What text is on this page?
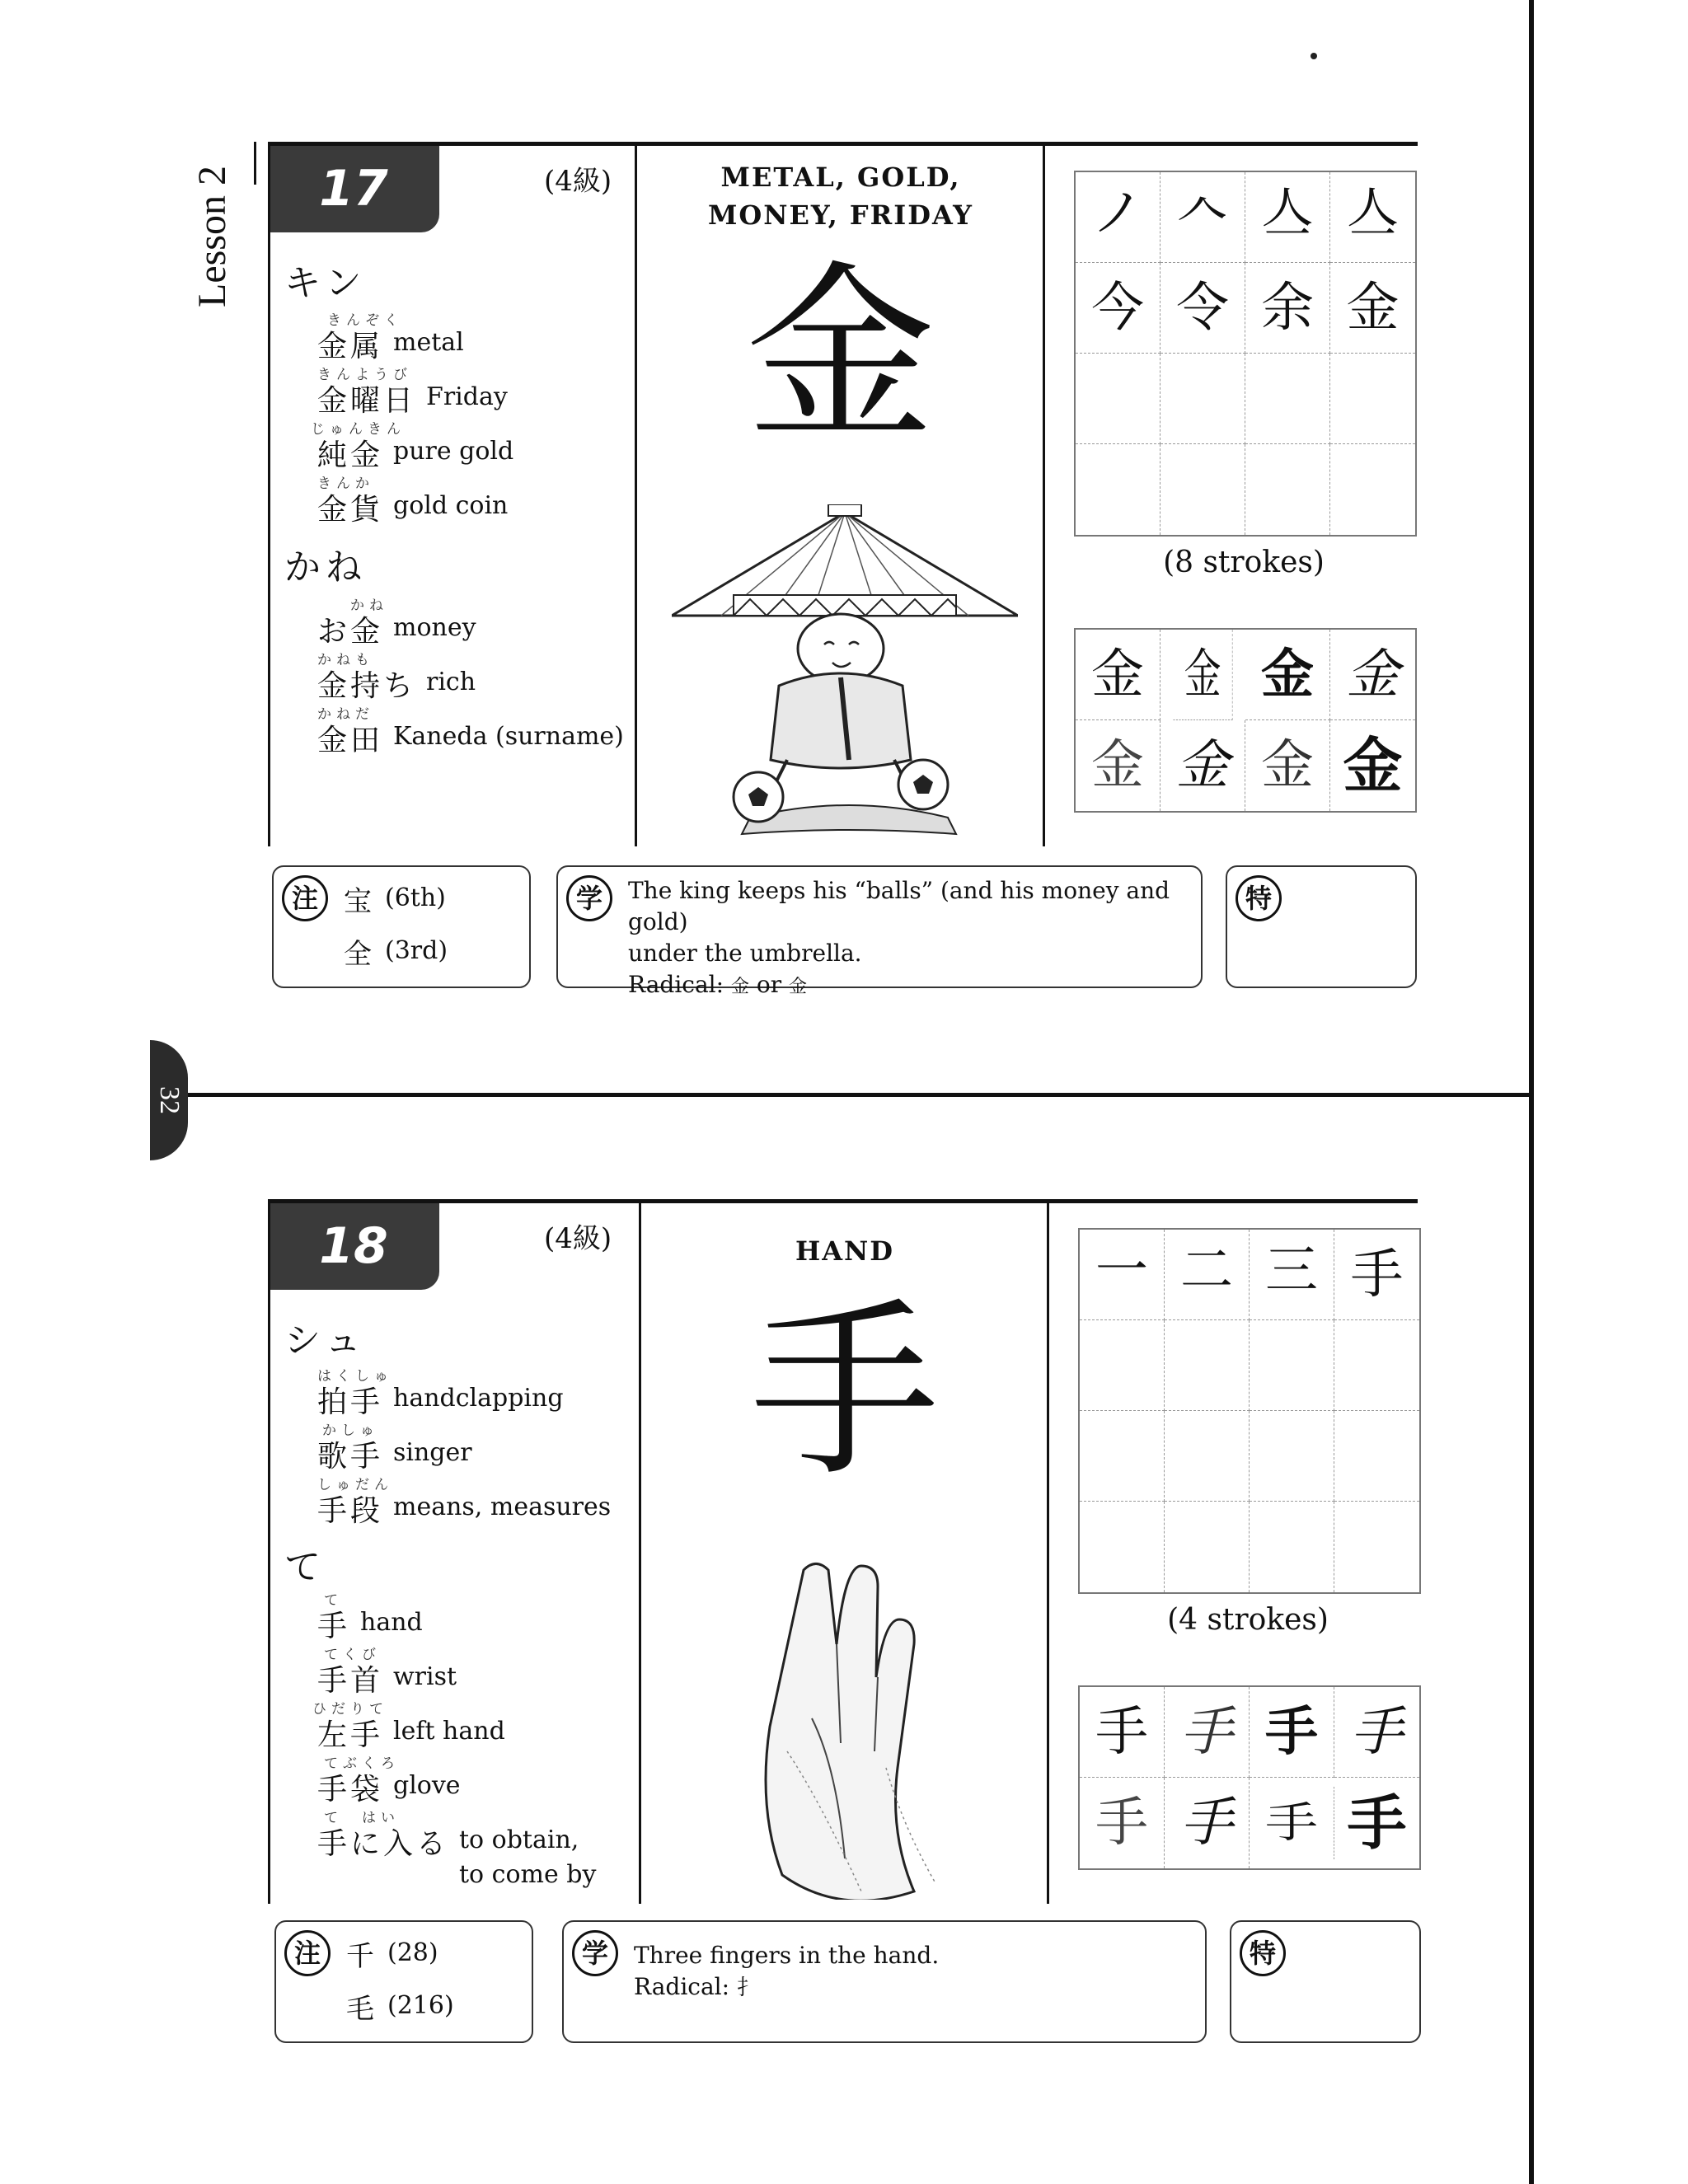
Lesson 2
32
17	(4級)
キン
きんぞく
金属 metal
きんようび
金曜日 Friday
じゅんきん
純金 pure gold
きんか
金貨 gold coin
かね
かね
お金 money
かねも
金持ち rich
かねだ
金田 Kaneda (surname)
METAL, GOLD,
MONEY, FRIDAY
金
ノ 𠆢 亼 亼
今 令 余 金
(8 strokes)
金 金 金 金
金 金 金 金
注 宝 (6th)
全 (3rd)
学	The king keeps his “balls” (and his money and gold)
under the umbrella.
Radical: 金 or 金
特
18	(4級)
シュ
はくしゅ
拍手 handclapping
かしゅ
歌手 singer
しゅだん
手段 means, measures
て
て
手 hand
てくび
手首 wrist
ひだりて
左手 left hand
てぶくろ
手袋 glove
て　はい
手に入る to obtain,
to come by
HAND
手
一 二 三 手
(4 strokes)
手 手 手 手
手 手 手 手
注 千 (28)
毛 (216)
学	Three fingers in the hand.
Radical: 扌
特
